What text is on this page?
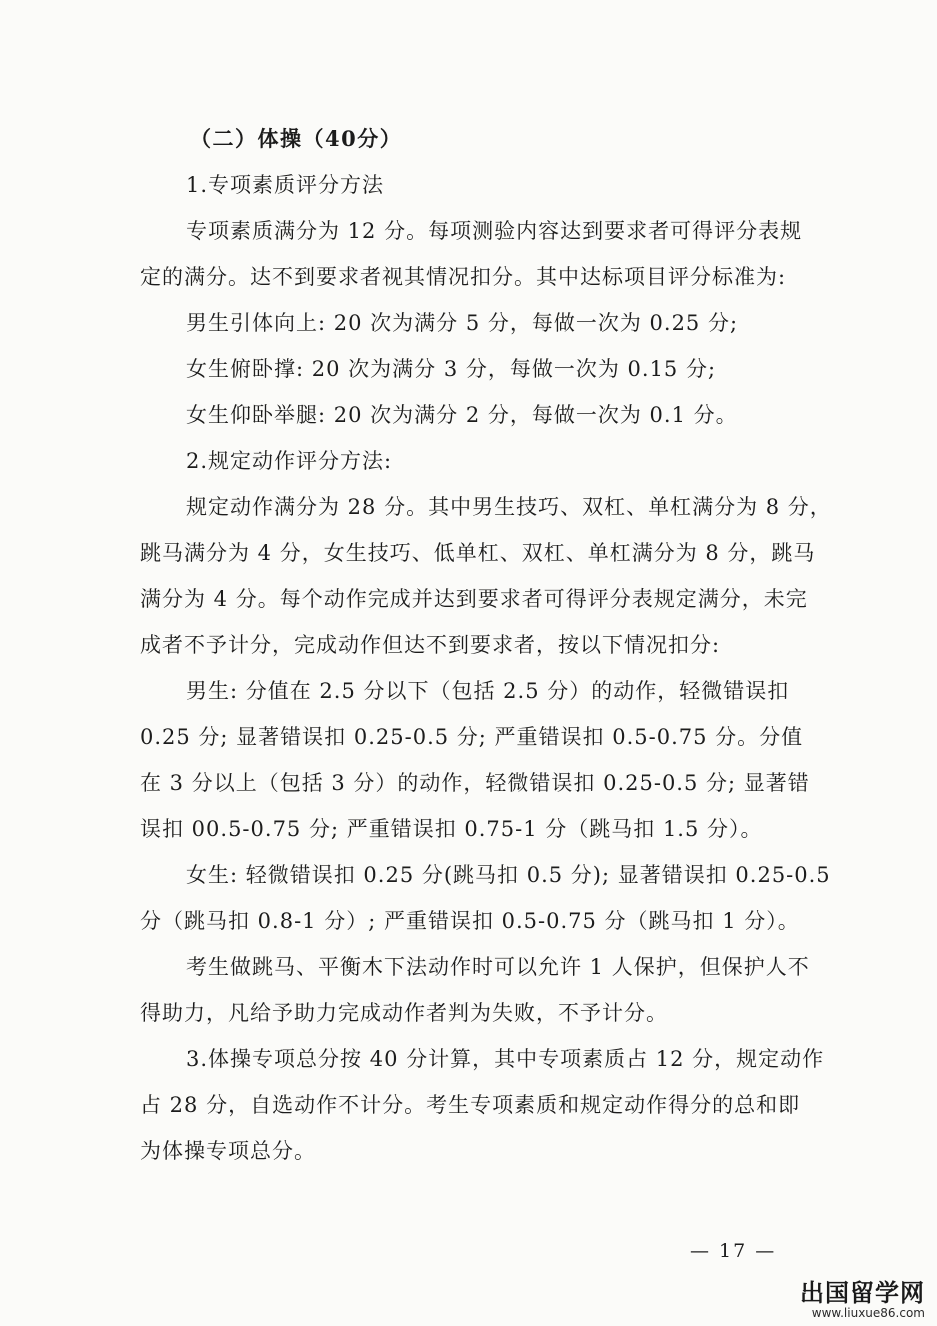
（二）体操（40分）
1.专项素质评分方法
专项素质满分为 12 分。每项测验内容达到要求者可得评分表规
定的满分。达不到要求者视其情况扣分。其中达标项目评分标准为:
男生引体向上: 20 次为满分 5 分，每做一次为 0.25 分;
女生俯卧撑: 20 次为满分 3 分，每做一次为 0.15 分;
女生仰卧举腿: 20 次为满分 2 分，每做一次为 0.1 分。
2.规定动作评分方法:
规定动作满分为 28 分。其中男生技巧、双杠、单杠满分为 8 分，
跳马满分为 4 分，女生技巧、低单杠、双杠、单杠满分为 8 分，跳马
满分为 4 分。每个动作完成并达到要求者可得评分表规定满分，未完
成者不予计分，完成动作但达不到要求者，按以下情况扣分:
男生: 分值在 2.5 分以下（包括 2.5 分）的动作，轻微错误扣
0.25 分; 显著错误扣 0.25-0.5 分; 严重错误扣 0.5-0.75 分。分值
在 3 分以上（包括 3 分）的动作，轻微错误扣 0.25-0.5 分; 显著错
误扣 00.5-0.75 分; 严重错误扣 0.75-1 分（跳马扣 1.5 分）。
女生: 轻微错误扣 0.25 分(跳马扣 0.5 分); 显著错误扣 0.25-0.5
分（跳马扣 0.8-1 分）; 严重错误扣 0.5-0.75 分（跳马扣 1 分）。
考生做跳马、平衡木下法动作时可以允许 1 人保护，但保护人不
得助力，凡给予助力完成动作者判为失败，不予计分。
3.体操专项总分按 40 分计算，其中专项素质占 12 分，规定动作
占 28 分，自选动作不计分。考生专项素质和规定动作得分的总和即
为体操专项总分。
— 17 —
出国留学网
www.liuxue86.com
